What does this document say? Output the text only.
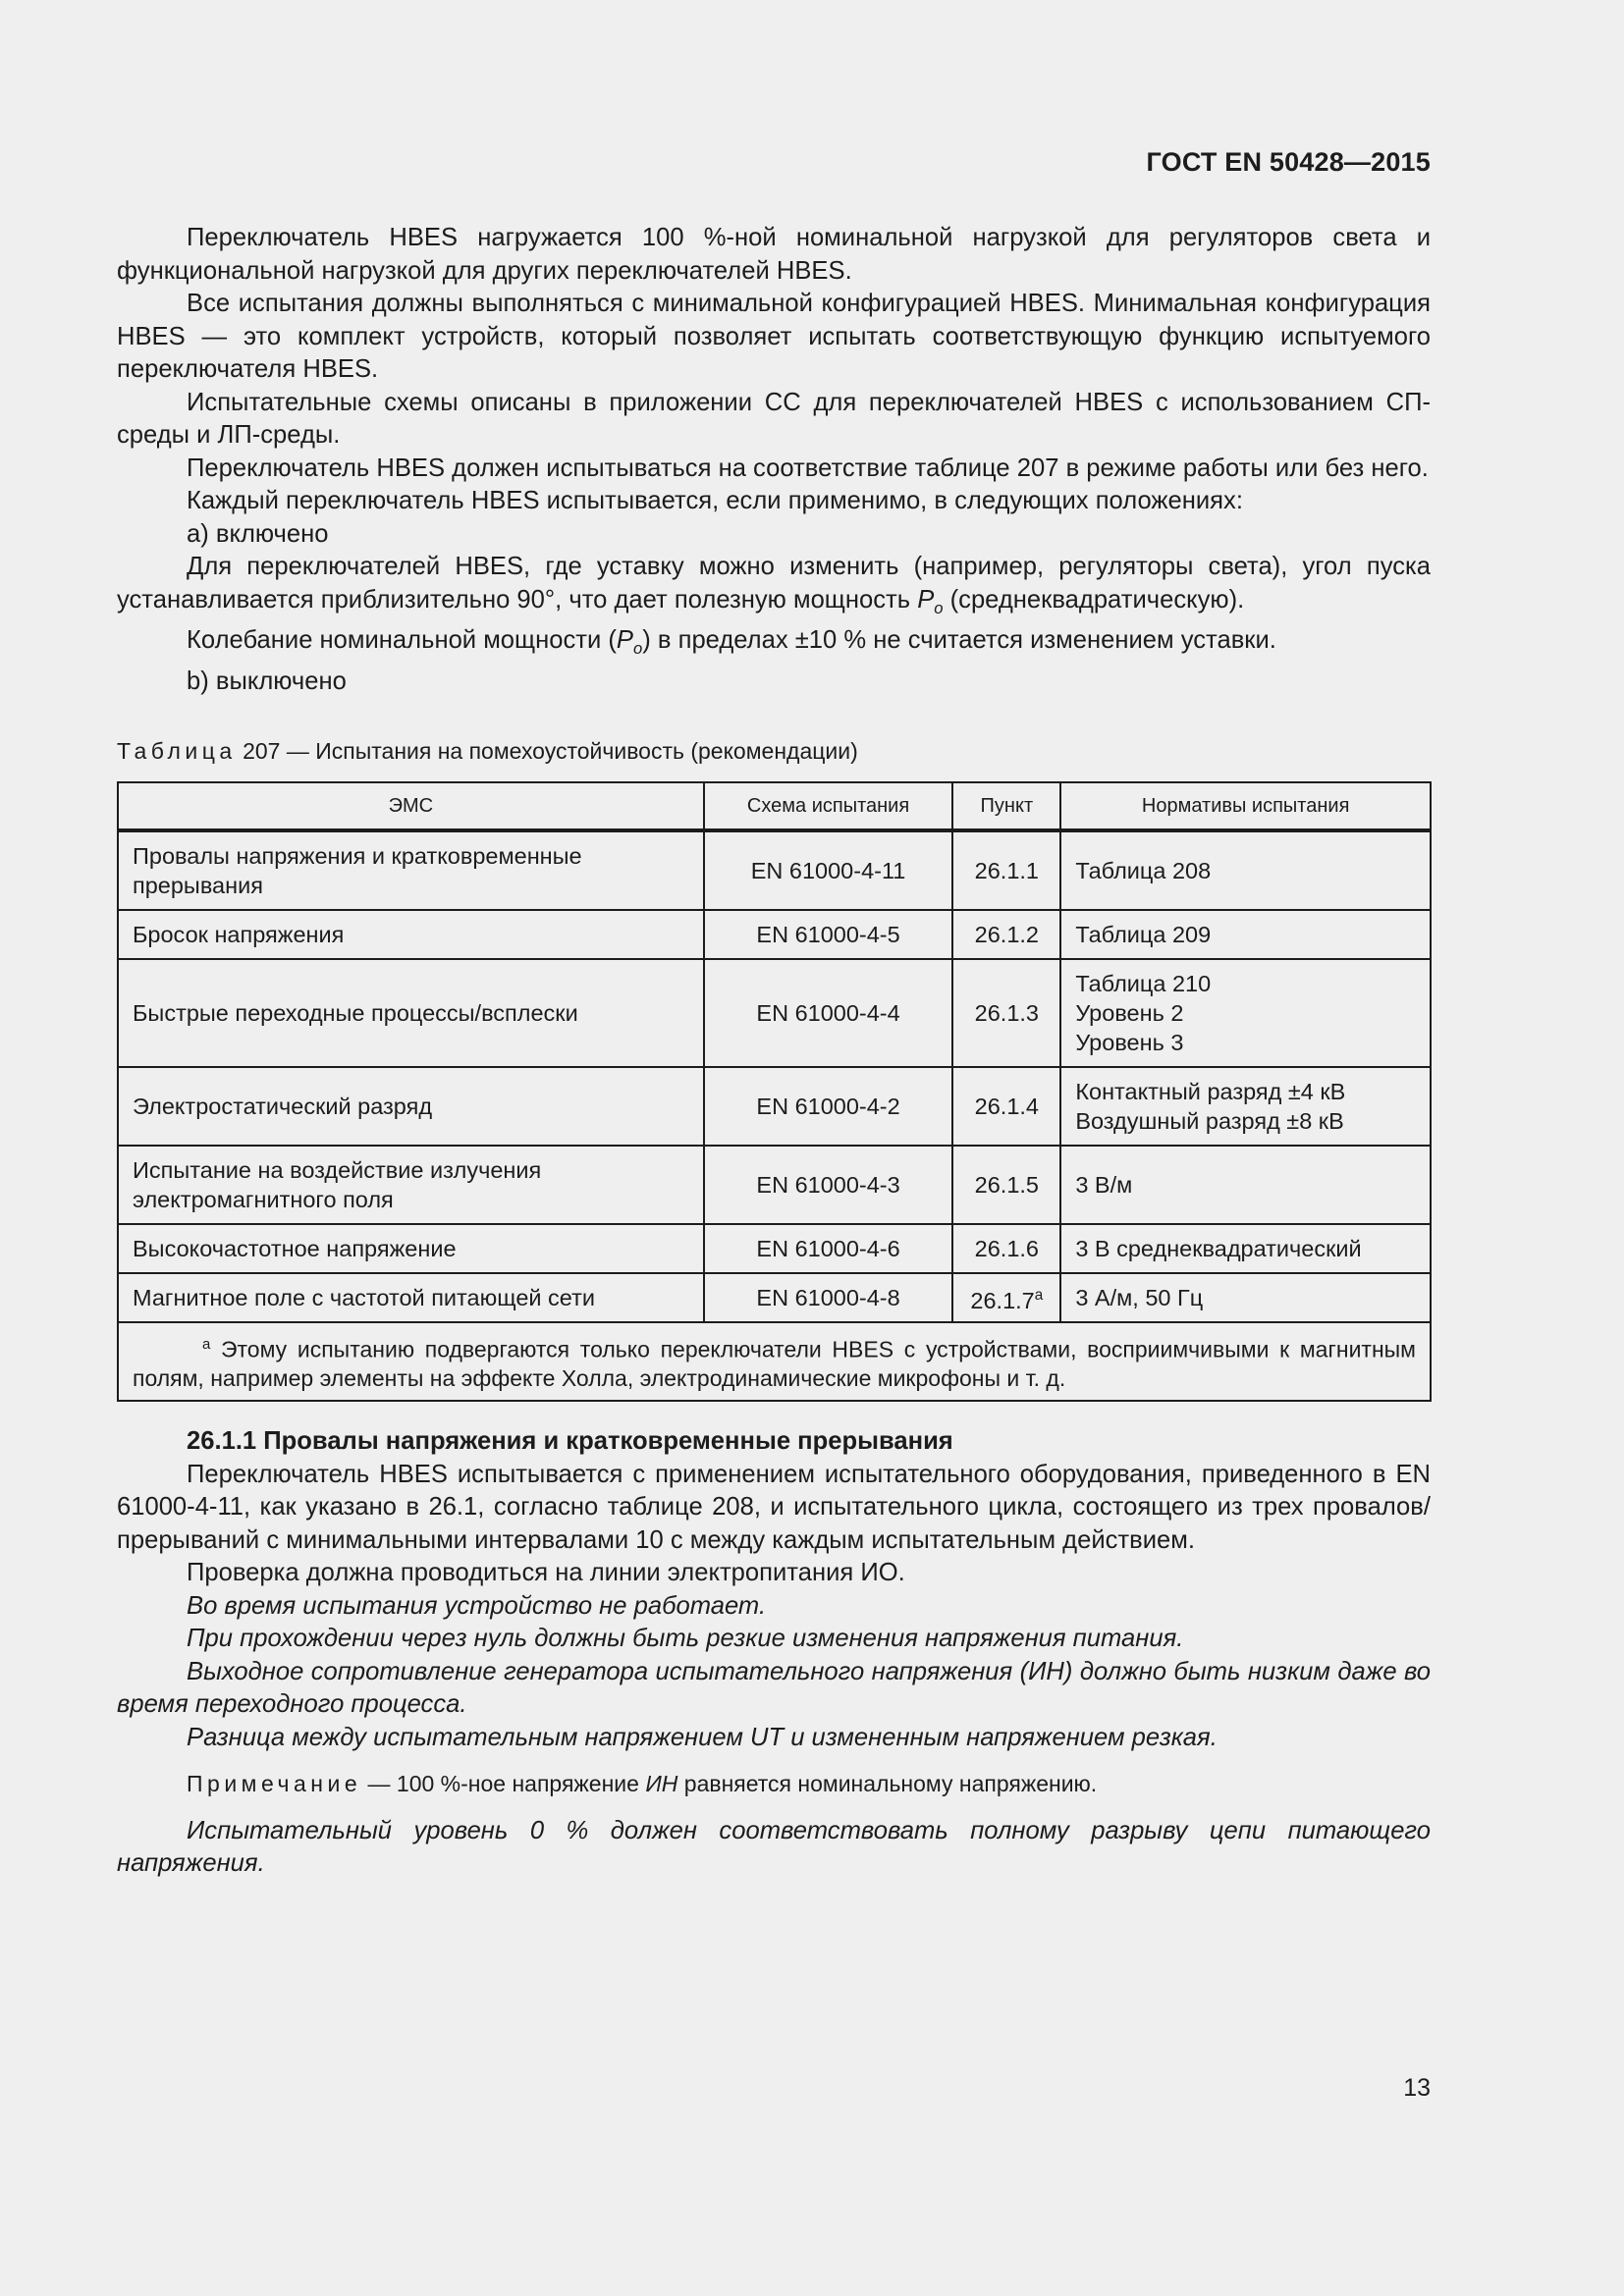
ГОСТ EN 50428—2015

Переключатель HBES нагружается 100 %-ной номинальной нагрузкой для регуляторов света и функциональной нагрузкой для других переключателей HBES.

Все испытания должны выполняться с минимальной конфигурацией HBES. Минимальная конфигурация HBES — это комплект устройств, который позволяет испытать соответствующую функцию испытуемого переключателя HBES.

Испытательные схемы описаны в приложении CC для переключателей HBES с использованием СП-среды и ЛП-среды.

Переключатель HBES должен испытываться на соответствие таблице 207 в режиме работы или без него.

Каждый переключатель HBES испытывается, если применимо, в следующих положениях:

а) включено

Для переключателей HBES, где уставку можно изменить (например, регуляторы света), угол пуска устанавливается приблизительно 90°, что дает полезную мощность $P_o$ (среднеквадратическую).

Колебание номинальной мощности $(P_o)$ в пределах ±10 % не считается изменением уставки.

b) выключено

Таблица 207 — Испытания на помехоустойчивость (рекомендации)
ЭМС	Схема испытания	Пункт	Нормативы испытания
Провалы напряжения и кратковременные прерывания	EN 61000-4-11	26.1.1	Таблица 208

Бросок напряжения	EN 61000-4-5	26.1.2	Таблица 209

Быстрые переходные процессы/всплески	EN 61000-4-4	26.1.3	Таблица 210
Уровень 2
Уровень 3

Электростатический разряд	EN 61000-4-2	26.1.4	Контактный разряд ±4 кВ
Воздушный разряд ±8 кВ

Испытание на воздействие излучения электромагнитного поля	EN 61000-4-3	26.1.5	3 В/м

Высокочастотное напряжение	EN 61000-4-6	26.1.6	3 В среднеквадратический

Магнитное поле с частотой питающей сети	EN 61000-4-8	26.1.7$^a$	3 А/м, 50 Гц

$^a$ Этому испытанию подвергаются только переключатели HBES с устройствами, восприимчивыми к магнитным полям, например элементы на эффекте Холла, электродинамические микрофоны и т. д.			

26.1.1 Провалы напряжения и кратковременные прерывания

Переключатель HBES испытывается с применением испытательного оборудования, приведенного в EN 61000-4-11, как указано в 26.1, согласно таблице 208, и испытательного цикла, состоящего из трех провалов/прерываний с минимальными интервалами 10 с между каждым испытательным действием.

Проверка должна проводиться на линии электропитания ИО.

Во время испытания устройство не работает.

При прохождении через нуль должны быть резкие изменения напряжения питания.

Выходное сопротивление генератора испытательного напряжения (ИН) должно быть низким даже во время переходного процесса.

Разница между испытательным напряжением UT и измененным напряжением резкая.

Примечание — 100 %-ное напряжение ИН равняется номинальному напряжению.

Испытательный уровень 0 % должен соответствовать полному разрыву цепи питающего напряжения.

13
